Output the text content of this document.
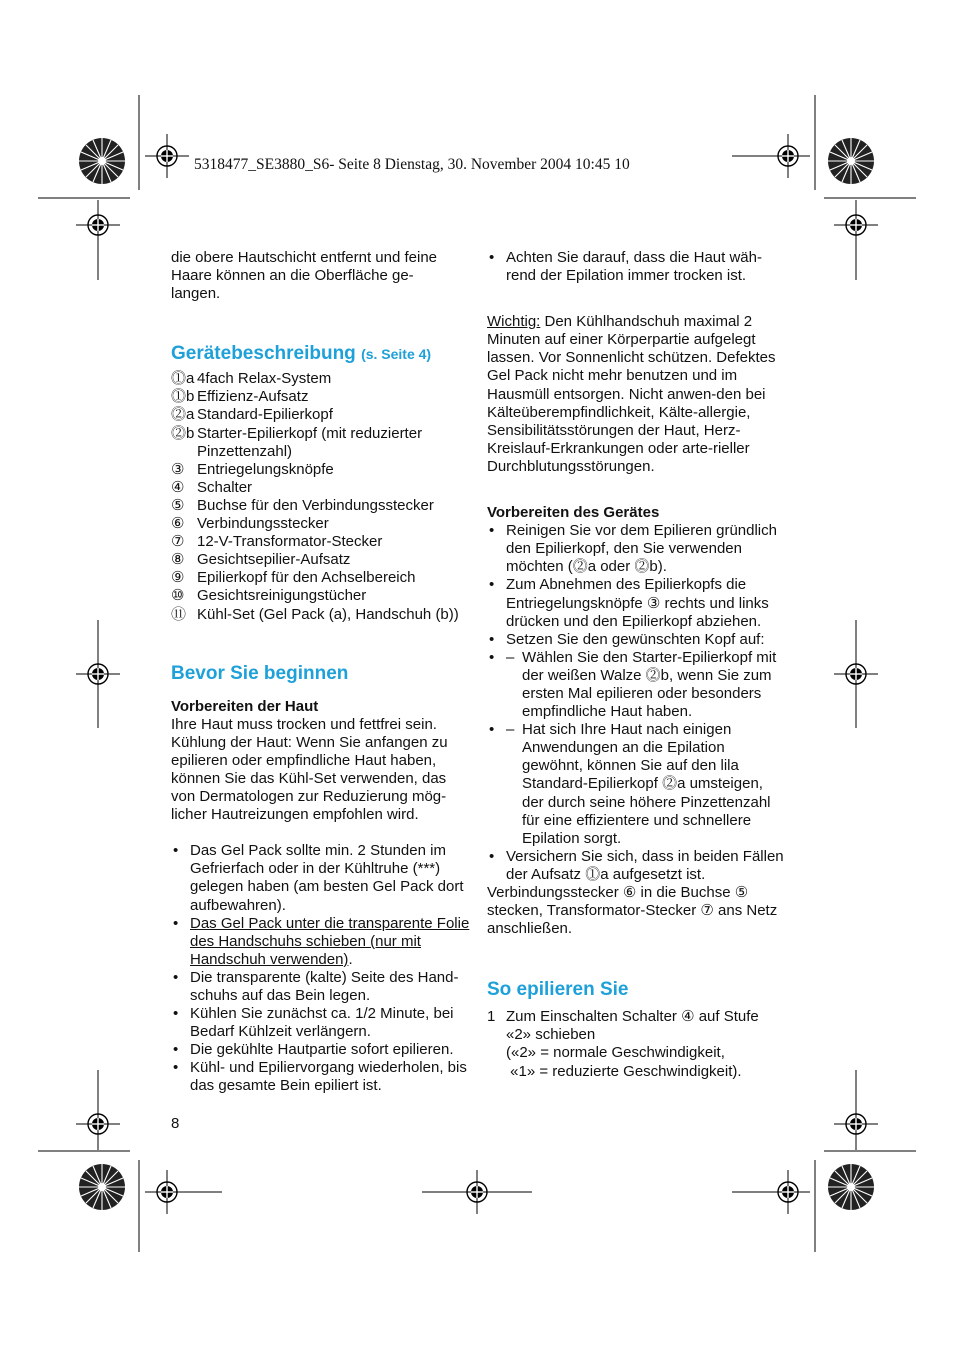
5318477_SE3880_S6- Seite 8 Dienstag, 30. November 2004 10:45 10

die obere Hautschicht entfernt und feine
Haare können an die Oberfläche ge-
langen.

Gerätebeschreibung (s. Seite 4)
⓵a 4fach Relax-System
⓵b Effizienz-Aufsatz
⓶a Standard-Epilierkopf
⓶b Starter-Epilierkopf (mit reduzierter Pinzettenzahl)
③ Entriegelungsknöpfe
④ Schalter
⑤ Buchse für den Verbindungsstecker
⑥ Verbindungsstecker
⑦ 12-V-Transformator-Stecker
⑧ Gesichtsepilier-Aufsatz
⑨ Epilierkopf für den Achselbereich
⑩ Gesichtsreinigungstücher
⑪ Kühl-Set (Gel Pack (a), Handschuh (b))
Bevor Sie beginnen

Vorbereiten der Haut

Ihre Haut muss trocken und fettfrei sein.
Kühlung der Haut: Wenn Sie anfangen zu
epilieren oder empfindliche Haut haben,
können Sie das Kühl-Set verwenden, das
von Dermatologen zur Reduzierung mög-
licher Hautreizungen empfohlen wird.

• Das Gel Pack sollte min. 2 Stunden im Gefrierfach oder in der Kühltruhe (***) gelegen haben (am besten Gel Pack dort aufbewahren).
• Das Gel Pack unter die transparente Folie des Handschuhs schieben (nur mit Handschuh verwenden).
• Die transparente (kalte) Seite des Hand-schuhs auf das Bein legen.
• Kühlen Sie zunächst ca. 1/2 Minute, bei Bedarf Kühlzeit verlängern.
• Die gekühlte Hautpartie sofort epilieren.
• Kühl- und Epiliervorgang wiederholen, bis das gesamte Bein epiliert ist.
8
• Achten Sie darauf, dass die Haut wäh-rend der Epilation immer trocken ist.

Wichtig: Den Kühlhandschuh maximal 2 Minuten auf einer Körperpartie aufgelegt lassen. Vor Sonnenlicht schützen. Defektes Gel Pack nicht mehr benutzen und im Hausmüll entsorgen. Nicht anwen-den bei Kälteüberempfindlichkeit, Kälte-allergie, Sensibilitätsstörungen der Haut, Herz-Kreislauf-Erkrankungen oder arte-rieller Durchblutungsstörungen.

Vorbereiten des Gerätes

• Reinigen Sie vor dem Epilieren gründlich den Epilierkopf, den Sie verwenden möchten (⓶a oder ⓶b).
• Zum Abnehmen des Epilierkopfs die Entriegelungsknöpfe ③ rechts und links drücken und den Epilierkopf abziehen.
• Setzen Sie den gewünschten Kopf auf:
• – Wählen Sie den Starter-Epilierkopf mit der weißen Walze ⓶b, wenn Sie zum ersten Mal epilieren oder besonders empfindliche Haut haben.
• – Hat sich Ihre Haut nach einigen Anwendungen an die Epilation gewöhnt, können Sie auf den lila Standard-Epilierkopf ⓶a umsteigen, der durch seine höhere Pinzettenzahl für eine effizientere und schnellere Epilation sorgt.
• Versichern Sie sich, dass in beiden Fällen der Aufsatz ⓵a aufgesetzt ist.

Verbindungsstecker ⑥ in die Buchse ⑤ stecken, Transformator-Stecker ⑦ ans Netz anschließen.

So epilieren Sie
1 Zum Einschalten Schalter ④ auf Stufe
«2» schieben
(«2» = normale Geschwindigkeit,
«1» = reduzierte Geschwindigkeit).
